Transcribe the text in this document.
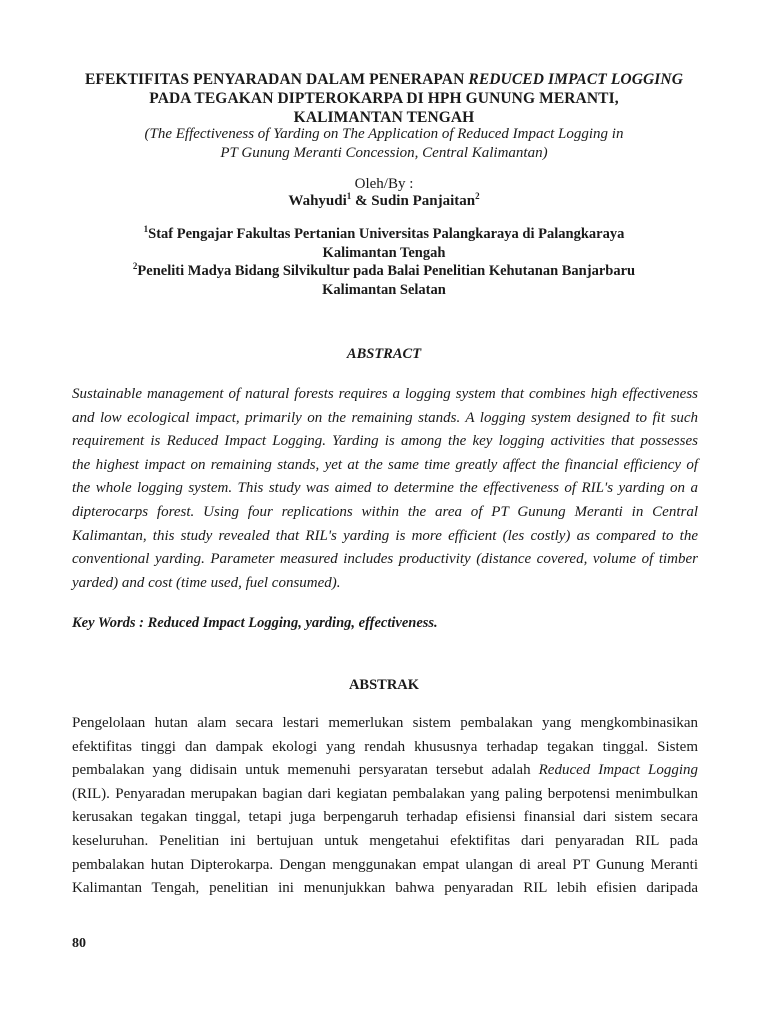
EFEKTIFITAS PENYARADAN DALAM PENERAPAN REDUCED IMPACT LOGGING
PADA TEGAKAN DIPTEROKARPA DI HPH GUNUNG MERANTI,
KALIMANTAN TENGAH
(The Effectiveness of Yarding on The Application of Reduced Impact Logging in
PT Gunung Meranti Concession, Central Kalimantan)
Oleh/By :
Wahyudi$^1$ & Sudin Panjaitan$^2$
$^1$Staf Pengajar Fakultas Pertanian Universitas Palangkaraya di Palangkaraya
Kalimantan Tengah
$^2$Peneliti Madya Bidang Silvikultur pada Balai Penelitian Kehutanan Banjarbaru
Kalimantan Selatan
ABSTRACT
Sustainable management of natural forests requires a logging system that combines high effectiveness
and low ecological impact, primarily on the remaining stands. A logging system designed to fit such
requirement is Reduced Impact Logging. Yarding is among the key logging activities that possesses
the highest impact on remaining stands, yet at the same time greatly affect the financial efficiency of
the whole logging system. This study was aimed to determine the effectiveness of RIL's yarding on a
dipterocarps forest. Using four replications within the area of PT Gunung Meranti in Central
Kalimantan, this study revealed that RIL's yarding is more efficient (les costly) as compared to the
conventional yarding. Parameter measured includes productivity (distance covered, volume of timber
yarded) and cost (time used, fuel consumed).
Key Words : Reduced Impact Logging, yarding, effectiveness.
ABSTRAK
Pengelolaan hutan alam secara lestari memerlukan sistem pembalakan yang mengkombinasikan
efektifitas tinggi dan dampak ekologi yang rendah khususnya terhadap tegakan tinggal. Sistem
pembalakan yang didisain untuk memenuhi persyaratan tersebut adalah Reduced Impact Logging
(RIL). Penyaradan merupakan bagian dari kegiatan pembalakan yang paling berpotensi menimbulkan
kerusakan tegakan tinggal, tetapi juga berpengaruh terhadap efisiensi finansial dari sistem secara
keseluruhan. Penelitian ini bertujuan untuk mengetahui efektifitas dari penyaradan RIL pada
pembalakan hutan Dipterokarpa. Dengan menggunakan empat ulangan di areal PT Gunung Meranti
Kalimantan Tengah, penelitian ini menunjukkan bahwa penyaradan RIL lebih efisien daripada
80
